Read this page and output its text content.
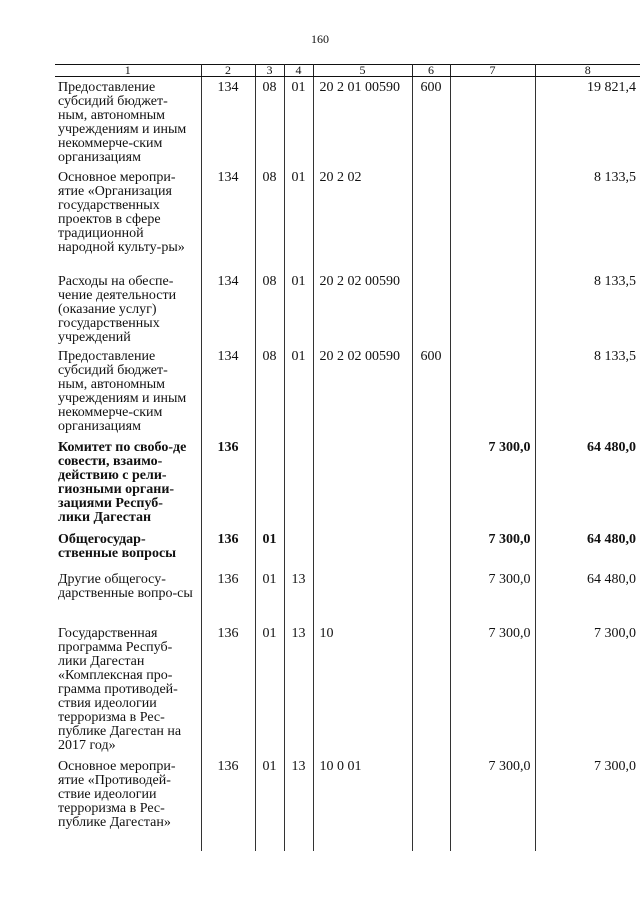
160
1	2	3	4	5	6	7	8
Предоставление субсидий бюджет-ным, автономным учреждениям и иным некоммерче-ским организациям	134	08	01	20 2 01 00590	600		19 821,4
Основное меропри-ятие «Организация государственных проектов в сфере традиционной народной культу-ры»	134	08	01	20 2 02			8 133,5
Расходы на обеспе-чение деятельности (оказание услуг) государственных учреждений	134	08	01	20 2 02 00590			8 133,5
Предоставление субсидий бюджет-ным, автономным учреждениям и иным некоммерче-ским организациям	134	08	01	20 2 02 00590	600		8 133,5
Комитет по свобо-де совести, взаимо-действию с рели-гиозными органи-зациями Респуб-лики Дагестан	136					7 300,0	64 480,0
Общегосудар-ственные вопросы	136	01				7 300,0	64 480,0
Другие общегосу-дарственные вопро-сы	136	01	13			7 300,0	64 480,0
Государственная программа Респуб-лики Дагестан «Комплексная про-грамма противодей-ствия идеологии терроризма в Рес-публике Дагестан на 2017 год»	136	01	13	10		7 300,0	7 300,0
Основное меропри-ятие «Противодей-ствие идеологии терроризма в Рес-публике Дагестан»	136	01	13	10 0 01		7 300,0	7 300,0
